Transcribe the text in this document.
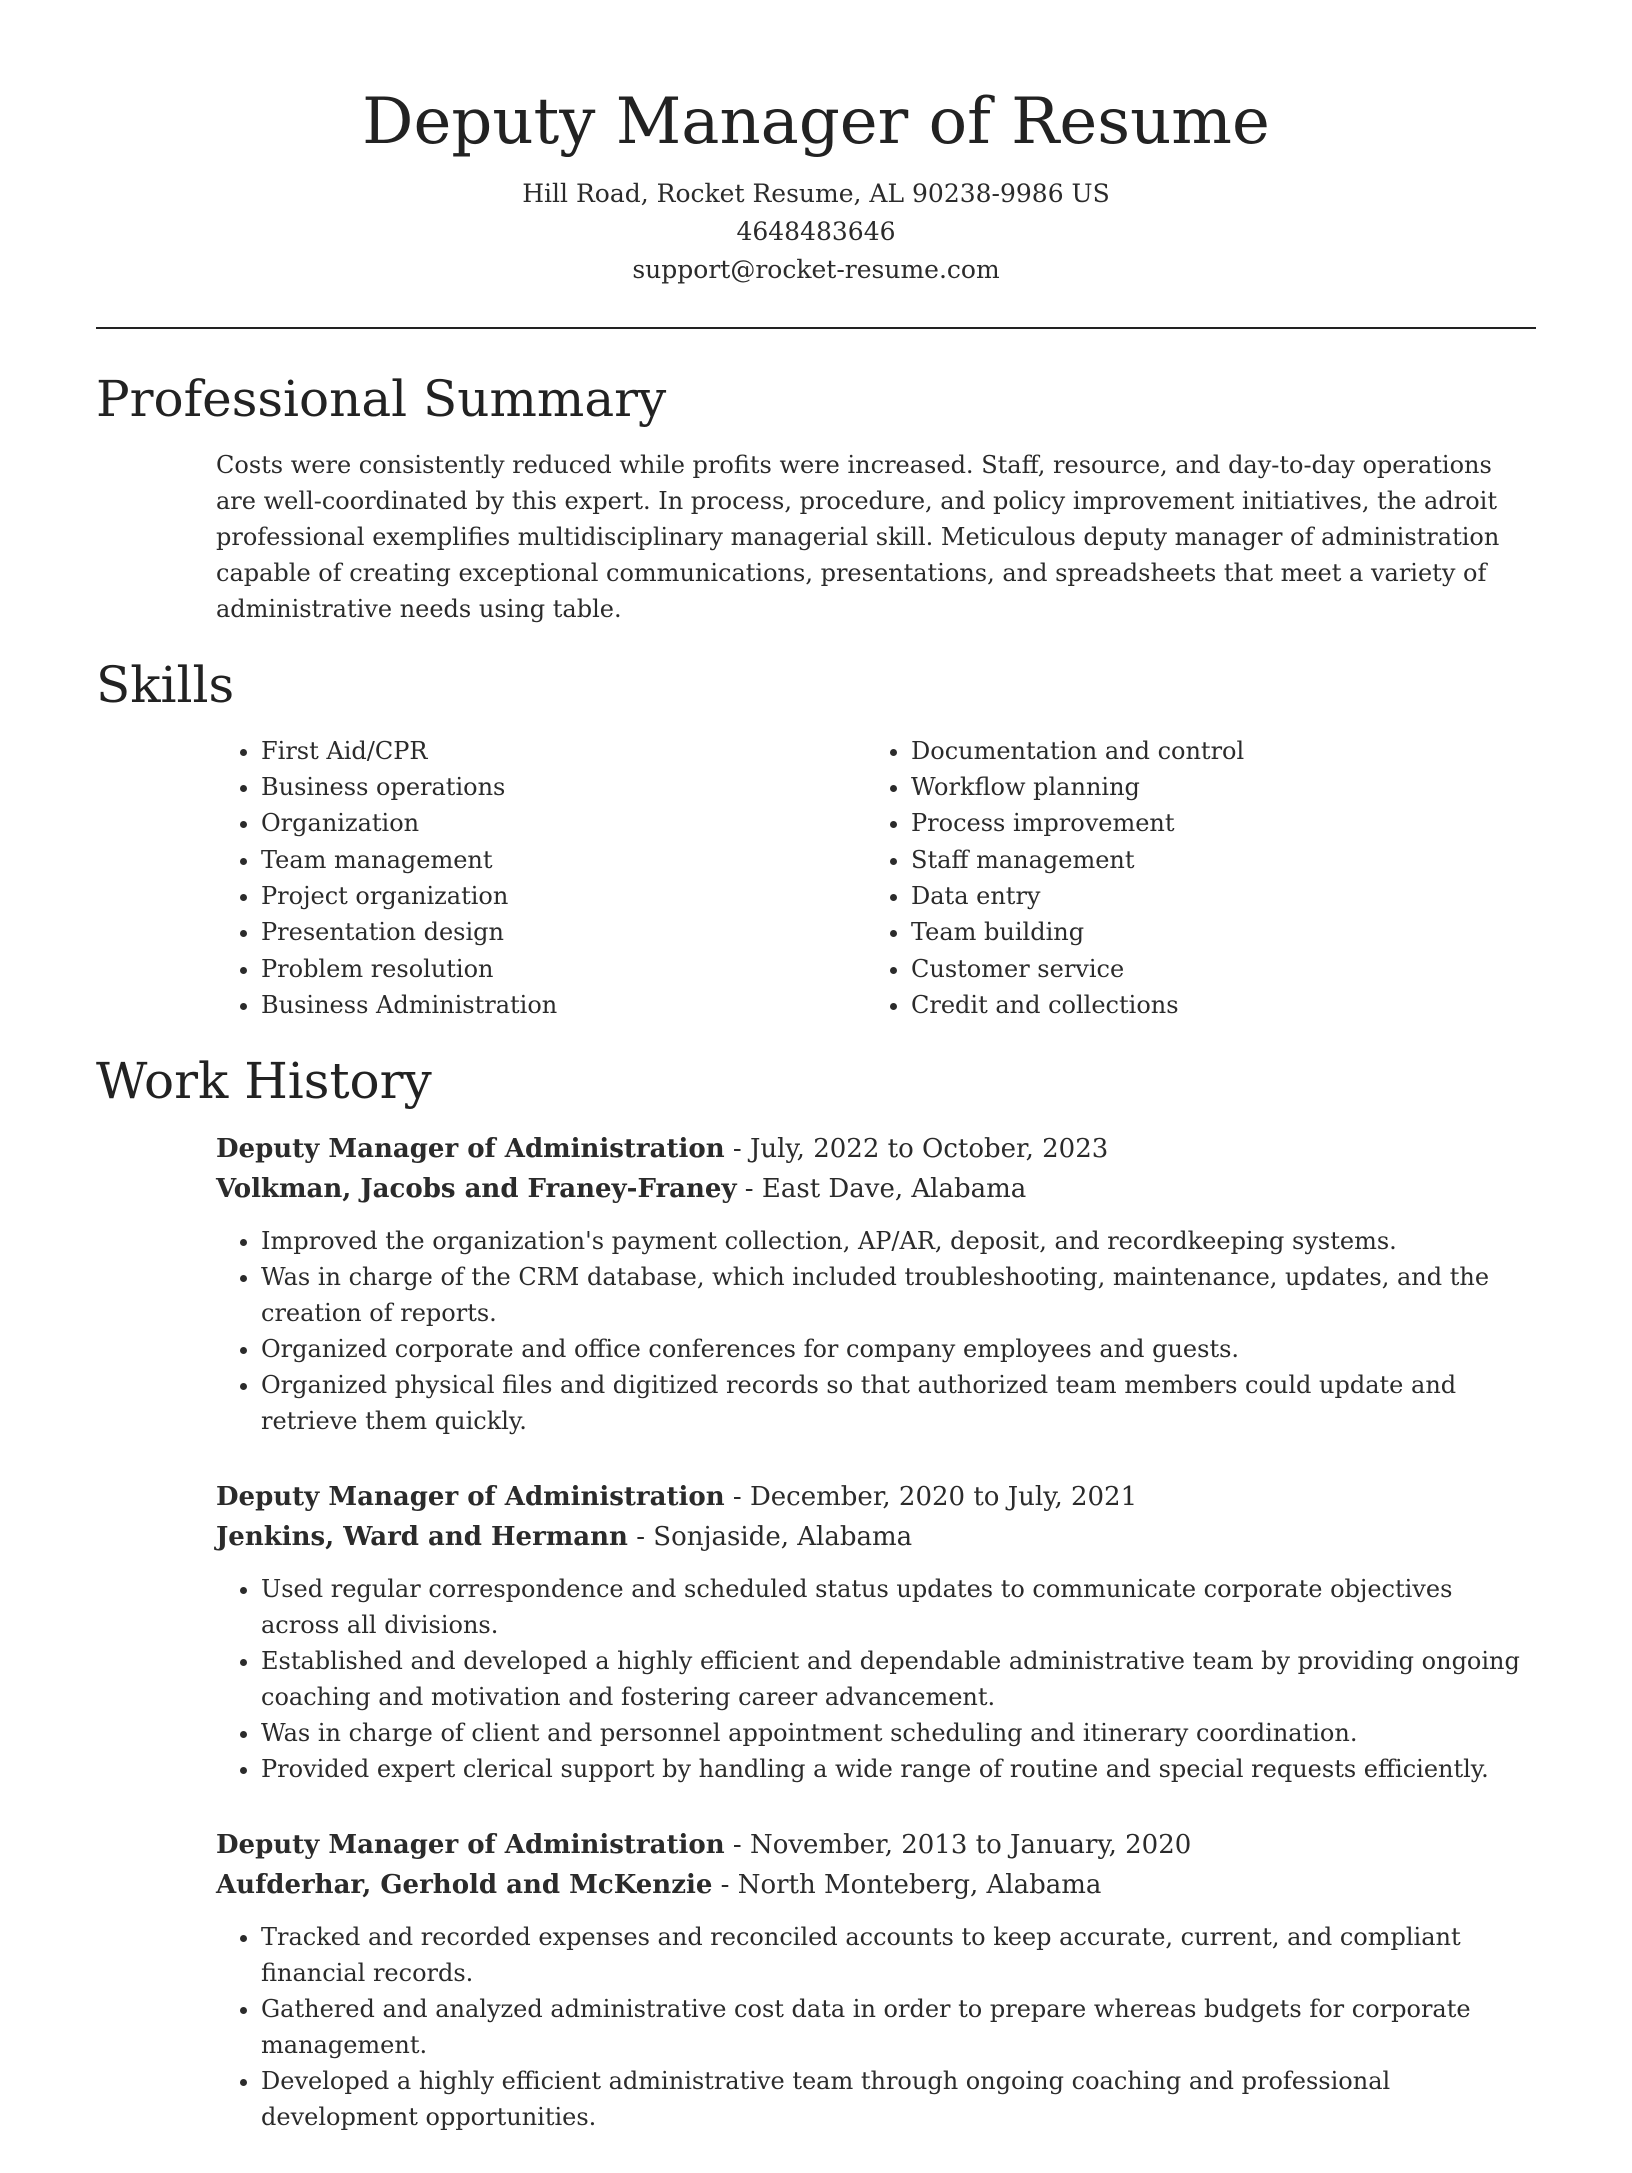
Deputy Manager of Resume
Hill Road, Rocket Resume, AL 90238-9986 US
4648483646
support@rocket-resume.com
Professional Summary

Costs were consistently reduced while profits were increased. Staff, resource, and day-to-day operations are well-coordinated by this expert. In process, procedure, and policy improvement initiatives, the adroit professional exemplifies multidisciplinary managerial skill. Meticulous deputy manager of administration capable of creating exceptional communications, presentations, and spreadsheets that meet a variety of administrative needs using table.

Skills
• First Aid/CPR
• Business operations
• Organization
• Team management
• Project organization
• Presentation design
• Problem resolution
• Business Administration
• Documentation and control
• Workflow planning
• Process improvement
• Staff management
• Data entry
• Team building
• Customer service
• Credit and collections
Work History
Deputy Manager of Administration - July, 2022 to October, 2023
Volkman, Jacobs and Franey-Franey - East Dave, Alabama
• Improved the organization's payment collection, AP/AR, deposit, and recordkeeping systems.
• Was in charge of the CRM database, which included troubleshooting, maintenance, updates, and the creation of reports.
• Organized corporate and office conferences for company employees and guests.
• Organized physical files and digitized records so that authorized team members could update and retrieve them quickly.
Deputy Manager of Administration - December, 2020 to July, 2021
Jenkins, Ward and Hermann - Sonjaside, Alabama
• Used regular correspondence and scheduled status updates to communicate corporate objectives across all divisions.
• Established and developed a highly efficient and dependable administrative team by providing ongoing coaching and motivation and fostering career advancement.
• Was in charge of client and personnel appointment scheduling and itinerary coordination.
• Provided expert clerical support by handling a wide range of routine and special requests efficiently.
Deputy Manager of Administration - November, 2013 to January, 2020
Aufderhar, Gerhold and McKenzie - North Monteberg, Alabama
• Tracked and recorded expenses and reconciled accounts to keep accurate, current, and compliant financial records.
• Gathered and analyzed administrative cost data in order to prepare whereas budgets for corporate management.
• Developed a highly efficient administrative team through ongoing coaching and professional development opportunities.
